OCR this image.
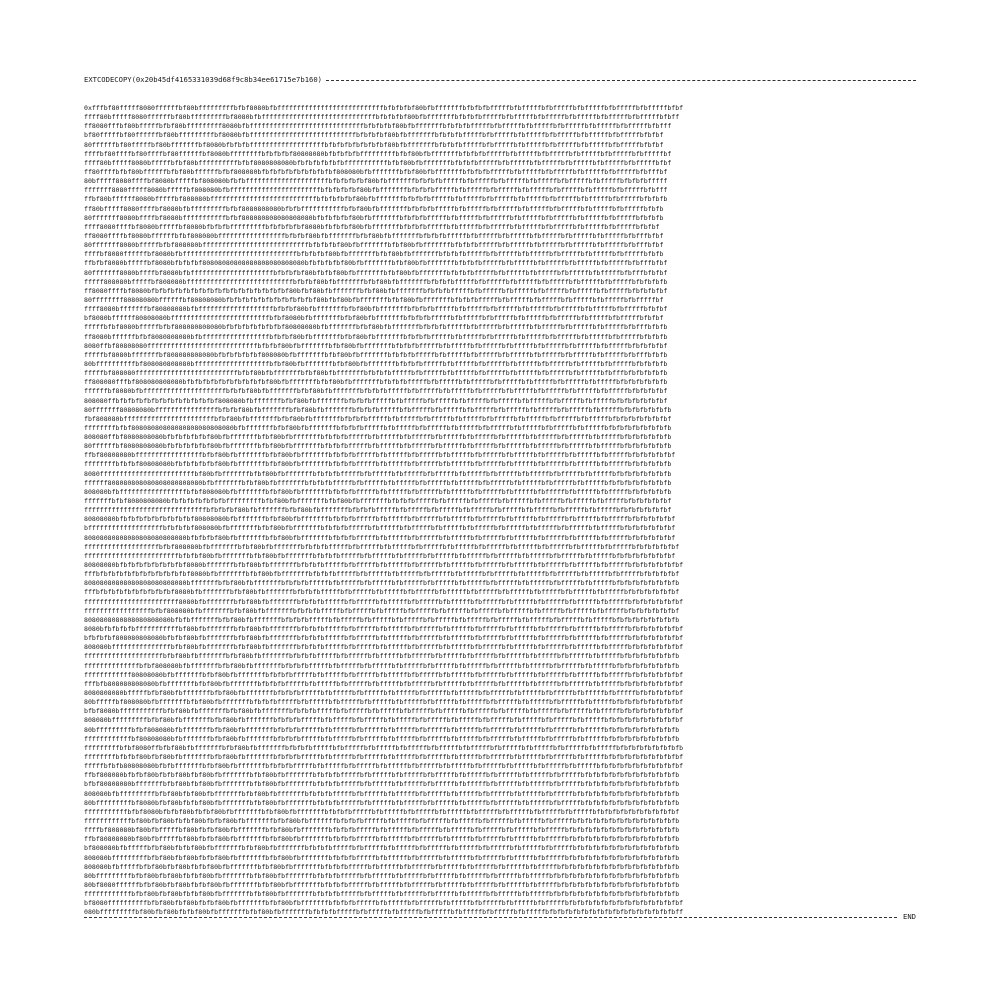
EXTCODECOPY(0x20b45df4165331039d68f9c8b34ee61715e7b160)
0xfffbf80fffff8080ffffffbf80bfffffffffbfbf8080bfbfffffffffffffffffffffffffffbfbfbfbf80bfbfffffffbfbfbfbfffffbfbfffffbfbfffffbfbfffffbfbfffffbfbfffffbfbf
ffff80bfffff8080ffffffbf80bfffffffffbf8080bfbfffffffffffffffffffffffffffffbfbfbfbf80bfbfffffffbfbfbfbfffffbfbfffffbfbfffffbfbfffffbfbfffffbfbfffffbfbff
ff8080fffbf80bfffffbfbf80bfffffffff8080bfbfffffffffffffffffffffffffffffbfbfbfbf80bfbfffffffbfbfbfbfffffbfbfffffbfbfffffbfbfffffbfbfffffbfbfffffbfbfff
bf80fffffbf80ffffffbf80bfffffffffbf8080bfbfffffffffffffffffffffffffffbfbfbfbf80bfbfffffffbfbfbfbfffffbfbfffffbfbfffffbfbfffffbfbfffffbfbfffffbfbfbf
80ffffffbf80fffffbf80bfffffffbf8080bfbfbfbfffffffffffffffffffbfbfbfbfbfbfbfbf80bfbfffffffbfbfbfbfffffbfbfffffbfbfffffbfbfffffbfbfffffbfbfffffbfbfbf
ffffbf80ffffbf80ffffbf80ffffffbf8080bffffffffbfbfbfbf80808080bfbfbfbfbfffffffffbfbf80bfbfffffffbfbfbfbfffffbfbfffffbfbfffffbfbfffffbfbfffffbfbfffffbf
ffff80bfffff8080bfffffbfbf80bffffffffffbfbf8080808080bfbfbfbfbfbfbfffffffffffbfbf80bfbfffffffbfbfbfbfffffbfbfffffbfbfffffbfbfffffbfbfffffbfbfffffbfbf
ff80ffffbfbf80bffffffbfbf80bffffffbfbf808080bfbfbfbfbfbfbfbfbfbf808080bfbfffffffbfbf80bfbfffffffbfbfbfbfffffbfbfffffbfbfffffbfbfffffbfbfffffbfbfffbf
80bfffff8080ffffbf8080bfffffbf808080bfbfbfffffffffffffffffffffbfbfbfbfbf80bfbfffffffbfbfbfbfffffbfbfffffbfbfffffbfbfffffbfbfffffbfbfffffbfbfbfbfffff
fffffff8080fffff8080bfffffbf808080bfbfffffffffffffffffffffffbfbfbfbfbf80bfbfffffffbfbfbfbfffffbfbfffffbfbfffffbfbfffffbfbfffffbfbfffffbfbfffffbfbfff
ffbf80bffffff8080bfffffbf808080bfffffffffffffffffffffffffffbfbfbfbfbf80bfbfffffffbfbfbfbfffffbfbfffffbfbfffffbfbfffffbfbfffffbfbfffffbfbfffffbfbfbfb
ff80bfffff8080ffffbf8080bfbfffffffffbfbf8080808080bfbfbfffffffffffbfbf80bfbfffffffbfbfbfbfffffbfbfffffbfbfffffbfbfffffbfbfffffbfbfffffbfbfffffbfbfb
80fffffff8080bffffbf8080bfffffffffffbfbf808080808080808080bfbfbfbfbf80bfbfffffffbfbfbfbfffffbfbfffffbfbfffffbfbfffffbfbfffffbfbfffffbfbfffffbfbfbfb
ffff8080ffffbf8080bfffffbf8080bfbfbfbfffffffffbfbfbfbfbf8080bfbfbfbf80bfbfffffffbfbfbfbfffffbfbfffffbfbfffffbfbfffffbfbfffffbfbfffffbfbfffffbfbfbf
ff8080ffffbf8080bffffffbfbf808080bfffffffffffffffffbfbfbf80bfbfffffffbfbf80bfbfffffffbfbfbfbfffffbfbfffffbfbfffffbfbfffffbfbfffffbfbfffffbfbfffbfbf
80fffffff8080bfffffbfbf808080bfffffffffffffffffffffffffffbfbfbfbf80bfbfffffffbfbf80bfbfffffffbfbfbfbfffffbfbfffffbfbfffffbfbfffffbfbfffffbfbfffbfbf
ffffbf8080ffffffbf8080bfbfffffffffffffffffffffffffffffbfbfbfbf80bfbfffffffbfbf80bfbfffffffbfbfbfbfffffbfbfffffbfbfffffbfbfffffbfbfffffbfbfffffbfbfb
ffbfbf8080bfffffbf8080bfbfbfbf80808080808080808080808080bfbfbfbfbf80bfbfffffffbfbf80bfbfffffffbfbfbfbfffffbfbfffffbfbfffffbfbfffffbfbfffffbfbfffbfbf
80fffffff8080bffffbf8080bfbfffffffffffffffffffffbfbfbfbf80bfbfbf80bfbfffffffbfbf80bfbfffffffbfbfbfbfffffbfbfffffbfbfffffbfbfffffbfbfffffbfbfffbfbfbf
fffff808080bfffffbf808080bfffffffffffffffffffffffffffbfbfbf80bfbfffffffbfbf80bfbfffffffbfbfbfbfffffbfbfffffbfbfffffbfbfffffbfbfffffbfbfffffbfbfbfbfb
ff8080ffffbf8080bfbfbfbfbfbfbfbfbfbfbfbfbfbfbfbfbfbf80bfbf80bfbfffffffbfbf80bfbfffffffbfbfbfbfffffbfbfffffbfbfffffbfbfffffbfbfffffbfbfffffbfbfbfbfbf
80ffffffff80808080bffffffbf80808080bfbfbfbfbfbfbfbfbfbfbfbf80bfbf80bfbfffffffbfbf80bfbfffffffbfbfbfbfffffbfbfffffbfbfffffbfbfffffbfbfffffbfbfffffbf
ffff8080bfffffffbf80808080bfbfffffffffffffffffffbfbfbf80bfbfffffffbfbf80bfbfffffffbfbfbfbfffffbfbfffffbfbfffffbfbfffffbfbfffffbfbfffffbfbfffffbfbfbf
bf8080bffffff80808080bfffffffffffffffffffffffffbfbf8080bfbfffffffbfbf80bfbfffffffbfbfbfbfffffbfbfffffbfbfffffbfbfffffbfbfffffbfbfffffbfbfffffbfbfbf
fffffbfbf8080bfffffbfbf808080808080bfbfbfbfbfbfbfbf80808080bfbfffffffbfbf80bfbfffffffbfbfbfbfffffbfbfffffbfbfffffbfbfffffbfbfffffbfbfffffbfbfffbfbfb
ff8080bffffffbfbf8080808080bfbfffffffffffffffffbfbfbf80bfbfffffffbfbf80bfbfffffffbfbfbfbfffffbfbfffffbfbfffffbfbfffffbfbfffffbfbfffffbfbfffffbfbfbfb
8080ffbf80808080ffffffffffffffffffffffffffffbfbfbf80bfbfffffffbfbf80bfbfffffffbfbfbfbfffffbfbfffffbfbfffffbfbfffffbfbfffffbfbfffffbfbfffffbfbfbfbfbf
fffffbf8080bfffffffbf808080808080bfbfbfbfbfbf808080bfbfffffffbfbf80bfbfffffffbfbfbfbfffffbfbfffffbfbfffffbfbfffffbfbfffffbfbfffffbfbfffffbfbfffbfbfb
80bffffffffffbf808080808080bfffffffffffffffffffbfbf80bfbfffffffbfbf80bfbfffffffbfbfbfbfffffbfbfffffbfbfffffbfbfffffbfbfffffbfbfffffbfbfffffbfbfbfbfb
fffffbf808080ffffffffffffffffffffffffffbfbf80bfbfffffffbfbf80bfbfffffffbfbfbfbfffffbfbfffffbfbfffffbfbfffffbfbfffffbfbfffffbfbfffffbfbfffbfbfbfbfbfb
ff808080fffbf808080808080bfbfbfbfbfbfbfbfbfbfbf80bfbfffffffbfbf80bfbfffffffbfbfbfbfffffbfbfffffbfbfffffbfbfffffbfbfffffbfbfffffbfbfffffbfbfbfbfbfbfb
ffffffbf8080bfbfffffffffffffffffffffbfbfbf80bfbfffffffbfbf80bfbfffffffbfbfbfbfffffbfbfffffbfbfffffbfbfffffbfbfffffbfbfffffbfbfffffbfbfffffbfbfbfbfbf
808080ffbfbfbfbfbfbfbfbfbfbfbfbfbf808080bfbfffffffbfbf80bfbfffffffbfbfbfbfffffbfbfffffbfbfffffbfbfffffbfbfffffbfbfffffbfbfffffbfbfffffbfbfbfbfbfbfbf
80fffffff80808080bffffffffffffffffbfbfbf80bfbfffffffbfbf80bfbfffffffbfbfbfbfffffbfbfffffbfbfffffbfbfffffbfbfffffbfbfffffbfbfffffbfbfffffbfbfbfbfbfbfb
fbf808080bfffffffffffffffffffffffbfbf80bfbfffffffbfbf80bfbfffffffbfbfbfbfffffbfbfffffbfbfffffbfbfffffbfbfffffbfbfffffbfbfffffbfbfffffbfbfbfbfbfbfbfbf
ffffffffbfbf80808080808080808080808080bfbfffffffbfbf80bfbfffffffbfbfbfbfffffbfbfffffbfbfffffbfbfffffbfbfffffbfbfffffbfbfffffbfbfffffbfbfbfbfbfbfbfbfb
808080ffbf8080808080bfbfbfbfbfbf80bfbfffffffbfbf80bfbfffffffbfbfbfbfffffbfbfffffbfbfffffbfbfffffbfbfffffbfbfffffbfbfffffbfbfffffbfbfffffbfbfbfbfbfbfb
80ffffffbf8080808080bfbfbfbfbfbf80bfbfffffffbfbf80bfbfffffffbfbfbfbfffffbfbfffffbfbfffffbfbfffffbfbfffffbfbfffffbfbfffffbfbfffffbfbfffffbfbfbfbfbfbfb
ffbf80808080bfffffffffffffffffbfbf80bfbfffffffbfbf80bfbfffffffbfbfbfbfffffbfbfffffbfbfffffbfbfffffbfbfffffbfbfffffbfbfffffbfbfffffbfbfffffbfbfbfbfbfbf
ffffffffbfbfbf80808080bfbfbfbfbfbf80bfbfffffffbfbf80bfbfffffffbfbfbfbfffffbfbfffffbfbfffffbfbfffffbfbfffffbfbfffffbfbfffffbfbfffffbfbfffffbfbfbfbfbfb
8080ffffffffffffffffffffffffbf80bfbfffffffbfbf80bfbfffffffbfbfbfbfffffbfbfffffbfbfffffbfbfffffbfbfffffbfbfffffbfbfffffbfbfffffbfbfffffbfbfbfbfbfbfbfb
ffffff808080808080808080808080bfbfffffffbfbf80bfbfffffffbfbfbfbfffffbfbfffffbfbfffffbfbfffffbfbfffffbfbfffffbfbfffffbfbfffffbfbfffffbfbfbfbfbfbfbfbfb
808080bfbfffffffffffffffffbfbf808080bfbfffffffbfbf80bfbfffffffbfbfbfbfffffbfbfffffbfbfffffbfbfffffbfbfffffbfbfffffbfbfffffbfbfffffbfbfffffbfbfbfbfbfb
fffffffbfbf8080808080bfbfbfbfbfbfbfbfffffffffbfbf80bfbfffffffbfbf80bfbfffffffbfbfbfbfffffbfbfffffbfbfffffbfbfffffbfbfffffbfbfffffbfbfffffbfbfbfbfbfbf
fffffffffffffffffffffffffffffffbfbfbfbf80bfbfffffffbfbf80bfbfffffffbfbfbfbfffffbfbfffffbfbfffffbfbfffffbfbfffffbfbfffffbfbfffffbfbfffffbfbfbfbfbfbfbf
80808080bfbfbfbfbfbfbfbfbfbf80808080bfbfffffffbfbf80bfbfffffffbfbfbfbfffffbfbfffffbfbfffffbfbfffffbfbfffffbfbfffffbfbfffffbfbfffffbfbfffffbfbfbfbfbfbf
bfffffffffffffffffffbfbfbfbf808080bfbfffffffbfbf80bfbfffffffbfbfbfbfffffbfbfffffbfbfffffbfbfffffbfbfffffbfbfffffbfbfffffbfbfffffbfbfffffbfbfbfbfbfbfbf
80808080808080808080808080bfbfbfbf80bfbfffffffbfbf80bfbfffffffbfbfbfbfffffbfbfffffbfbfffffbfbfffffbfbfffffbfbfffffbfbfffffbfbfffffbfbfffffbfbfbfbfbfbf
fffffffffffffffffffbfbf808080bfbfffffffbfbf80bfbfffffffbfbfbfbfffffbfbfffffbfbfffffbfbfffffbfbfffffbfbfffffbfbfffffbfbfffffbfbfffffbfbfffffbfbfbfbfbfbf
ffffffffffffffffffffffffbfbfbf80bfbfffffffbfbf80bfbfffffffbfbfbfbfffffbfbfffffbfbfffffbfbfffffbfbfffffbfbfffffbfbfffffbfbfffffbfbfffffbfbfbfbfbfbfbfbf
80808080bfbfbfbfbfbfbfbfbf8080bfffffffbfbf80bfbfffffffbfbfbfbfffffbfbfffffbfbfffffbfbfffffbfbfffffbfbfffffbfbfffffbfbfffffbfbfffffbfbfffffbfbfbfbfbfbfbf
fffbfbfbfbfbfbfbfbfbfbfbfbf8080bfbfffffffbfbf80bfbfffffffbfbfbfbfffffbfbfffffbfbfffffbfbfffffbfbfffffbfbfffffbfbfffffbfbfffffbfbfffffbfbfffffbfbfbfbfbf
80808080808080808080808080bfffffffbfbf80bfbfffffffbfbfbfbfffffbfbfffffbfbfffffbfbfffffbfbfffffbfbfffffbfbfffffbfbfffffbfbfffffbfbfffffbfbfbfbfbfbfbfbfb
fffbfbfbfbfbfbfbfbfbfbf8080bfbfffffffbfbf80bfbfffffffbfbfbfbfffffbfbfffffbfbfffffbfbfffffbfbfffffbfbfffffbfbfffffbfbfffffbfbfffffbfbfffffbfbfbfbfbfbfbf
ffffffffffffffffffffffff8080bfbfffffffbfbf80bfbfffffffbfbfbfbfffffbfbfffffbfbfffffbfbfffffbfbfffffbfbfffffbfbfffffbfbfffffbfbfffffbfbfffffbfbfbfbfbfbfbf
fffffffffffffffffbfbf808080bfbfffffffbfbf80bfbfffffffbfbfbfbfffffbfbfffffbfbfffffbfbfffffbfbfffffbfbfffffbfbfffffbfbfffffbfbfffffbfbfffffbfbfbfbfbfbfbf
8080808080808080808080bfbfbfffffffbfbf80bfbfffffffbfbfbfbfffffbfbfffffbfbfffffbfbfffffbfbfffffbfbfffffbfbfffffbfbfffffbfbfffffbfbfffffbfbfbfbfbfbfbfbfb
8080bfbfbfbfbfffffffffffbf80bfbfffffffbfbf80bfbfffffffbfbfbfbfffffbfbfffffbfbfffffbfbfffffbfbfffffbfbfffffbfbfffffbfbfffffbfbfffffbfbfffffbfbfbfbfbfbfbf
bfbfbfbf808080808080bfbfbf80bfbfffffffbfbf80bfbfffffffbfbfbfbfffffbfbfffffbfbfffffbfbfffffbfbfffffbfbfffffbfbfffffbfbfffffbfbfffffbfbfffffbfbfbfbfbfbfbf
808080bfffffffffffffffbfbf80bfbfffffffbfbf80bfbfffffffbfbfbfbfffffbfbfffffbfbfffffbfbfffffbfbfffffbfbfffffbfbfffffbfbfffffbfbfffffbfbfffffbfbfbfbfbfbfbf
ffffffffffffffffffffbfbf80bfbfffffffbfbf80bfbfffffffbfbfbfbfffffbfbfffffbfbfffffbfbfffffbfbfffffbfbfffffbfbfffffbfbfffffbfbfffffbfbfffffbfbfbfbfbfbfbfb
ffffffffffffffbfbf808080bfbfffffffbfbf80bfbfffffffbfbfbfbfffffbfbfffffbfbfffffbfbfffffbfbfffffbfbfffffbfbfffffbfbfffffbfbfffffbfbfffffbfbfbfbfbfbfbfbfb
ffffffffffff80808080bfbfffffffbfbf80bfbfffffffbfbfbfbfffffbfbfffffbfbfffffbfbfffffbfbfffffbfbfffffbfbfffffbfbfffffbfbfffffbfbfffffbfbfffffbfbfbfbfbfbfbf
fffbfb808080808080bfbfffffffbfbf80bfbfffffffbfbfbfbfffffbfbfffffbfbfffffbfbfffffbfbfffffbfbfffffbfbfffffbfbfffffbfbfffffbfbfffffbfbfffffbfbfbfbfbfbfbfbf
8080808080bfffffbfbf80bfbfffffffbfbf80bfbfffffffbfbfbfbfffffbfbfffffbfbfffffbfbfffffbfbfffffbfbfffffbfbfffffbfbfffffbfbfffffbfbfffffbfbfffffbfbfbfbfbfbf
80bfffffbf808080bfbfffffffbfbf80bfbfffffffbfbfbfbfffffbfbfffffbfbfffffbfbfffffbfbfffffbfbfffffbfbfffffbfbfffffbfbfffffbfbfffffbfbfffffbfbfbfbfbfbfbfbfbf
bfbf8080bfffffffffffbfbf80bfbfffffffbfbf80bfbfffffffbfbfbfbfffffbfbfffffbfbfffffbfbfffffbfbfffffbfbfffffbfbfffffbfbfffffbfbfffffbfbfffffbfbfbfbfbfbfbfbf
808080bfffffffffbfbf80bfbfffffffbfbf80bfbfffffffbfbfbfbfffffbfbfffffbfbfffffbfbfffffbfbfffffbfbfffffbfbfffffbfbfffffbfbfffffbfbfffffbfbfbfbfbfbfbfbfbfbf
80bfffffffffbfbf808080bfbfffffffbfbf80bfbfffffffbfbfbfbfffffbfbfffffbfbfffffbfbfffffbfbfffffbfbfffffbfbfffffbfbfffffbfbfffffbfbfffffbfbfbfbfbfbfbfbfbfb
ffffffffffffbf80808080bfbfffffffbfbf80bfbfffffffbfbfbfbfffffbfbfffffbfbfffffbfbfffffbfbfffffbfbfffffbfbfffffbfbfffffbfbfffffbfbfffffbfbfbfbfbfbfbfbfbfb
fffffffffbfbf8080ffbfbf80bfbfffffffbfbf80bfbfffffffbfbfbfbfffffbfbfffffbfbfffffbfbfffffbfbfffffbfbfffffbfbfffffbfbfffffbfbfffffbfbfffffbfbfbfbfbfbfbfbfb
ffffffffbfbfbf80bfbf80bfbfffffffbfbf80bfbfffffffbfbfbfbfffffbfbfffffbfbfffffbfbfffffbfbfffffbfbfffffbfbfffffbfbfffffbfbfffffbfbfffffbfbfbfbfbfbfbfbfbfbf
fffffbfbfb80808080bfbfbfffffffbfbf80bfbfffffffbfbfbfbfffffbfbfffffbfbfffffbfbfffffbfbfffffbfbfffffbfbfffffbfbfffffbfbfffffbfbfffffbfbfbfbfbfbfbfbfbfbfbf
ffbf808080bfbfbf80bfbfbf80bfbf80bfbfffffffbfbf80bfbfffffffbfbfbfbfffffbfbfffffbfbfffffbfbfffffbfbfffffbfbfffffbfbfffffbfbfffffbfbfbfbfbfbfbfbfbfbfbfbfb
bfbf80808080bfffffffbfbf80bfbf80bfbfffffffbfbf80bfbfffffffbfbfbfbfffffbfbfffffbfbfffffbfbfffffbfbfffffbfbfffffbfbfffffbfbfffffbfbfbfbfbfbfbfbfbfbfbfbfb
808080bfbfffffffffbfbf80bfbf80bfbfffffffbfbf80bfbfffffffbfbfbfbfffffbfbfffffbfbfffffbfbfffffbfbfffffbfbfffffbfbfffffbfbfffffbfbfbfbfbfbfbfbfbfbfbfbfbfb
80bfffffffffbf8080bfbf80bfbfbf80bfbfffffffbfbf80bfbfffffffbfbfbfbfffffbfbfffffbfbfffffbfbfffffbfbfffffbfbfffffbfbfffffbfbfffffbfbfbfbfbfbfbfbfbfbfbfbfb
fffffffffffbfbf8080bfbfbf80bfbfbf80bfbfffffffbfbf80bfbfffffffbfbfbfbfffffbfbfffffbfbfffffbfbfffffbfbfffffbfbfffffbfbfffffbfbfffffbfbfbfbfbfbfbfbfbfbfbf
ffffffffffffbf80bfbf80bfbfbf80bfbfbf80bfbfffffffbfbf80bfbfffffffbfbfbfbfffffbfbfffffbfbfffffbfbfffffbfbfffffbfbfffffbfbfffffbfbfbfbfbfbfbfbfbfbfbfbfbfb
ffffbf808080bf80bfbfffffbf80bfbfbf80bfbfffffffbfbf80bfbfffffffbfbfbfbfffffbfbfffffbfbfffffbfbfffffbfbfffffbfbfffffbfbfffffbfbfbfbfbfbfbfbfbfbfbfbfbfbfb
ffbf80808080bf80bfbfffffbf80bfbfbf80bfbfffffffbfbf80bfbfffffffbfbfbfbfffffbfbfffffbfbfffffbfbfffffbfbfffffbfbfffffbfbfffffbfbfbfbfbfbfbfbfbfbfbfbfbfbfb
bf808080bfbfffffbfbf80bfbfbf80bfbfffffffbfbf80bfbfffffffbfbfbfbfffffbfbfffffbfbfffffbfbfffffbfbfffffbfbfffffbfbfffffbfbfffffbfbfbfbfbfbfbfbfbfbfbfbfbfb
808080bfffffffffbfbf80bfbf80bfbfbf80bfbfffffffbfbf80bfbfffffffbfbfbfbfffffbfbfffffbfbfffffbfbfffffbfbfffffbfbfffffbfbfffffbfbfbfbfbfbfbfbfbfbfbfbfbfbfb
808080bfbfffffbfbf80bfbf80bfbfbf80bfbfffffffbfbf80bfbfffffffbfbfbfbfffffbfbfffffbfbfffffbfbfffffbfbfffffbfbfffffbfbfffffbfbfbfbfbfbfbfbfbfbfbfbfbfbfbfb
80bfffffffffbfbf80bfbf80bfbfbf80bfbfffffffbfbf80bfbfffffffbfbfbfbfffffbfbfffffbfbfffffbfbfffffbfbfffffbfbfffffbfbfffffbfbfbfbfbfbfbfbfbfbfbfbfbfbfbfbfb
80bf8080ffffffbfbf80bfbf80bfbfbf80bfbfffffffbfbf80bfbfffffffbfbfbfbfffffbfbfffffbfbfffffbfbfffffbfbfffffbfbfffffbfbfffffbfbfbfbfbfbfbfbfbfbfbfbfbfbfbfb
ffffffffffffbfbf80bfbf80bfbfbf80bfbfffffffbfbf80bfbfffffffbfbfbfbfffffbfbfffffbfbfffffbfbfffffbfbfffffbfbfffffbfbfffffbfbfbfbfbfbfbfbfbfbfbfbfbfbfbfbfb
bf8080ffffffffffbfbf80bfbf80bfbfbf80bfbfffffffbfbf80bfbfffffffbfbfbfbfffffbfbfffffbfbfffffbfbfffffbfbfffffbfbfffffbfbfffffbfbfbfbfbfbfbfbfbfbfbfbfbfbfbf
080bfffffffffbf80bfbf80bfbfbf80bfbfffffffbfbf80bfbfffffffbfbfbfbfffffbfbfffffbfbfffffbfbfffffbfbfffffbfbfffffbfbfffffbfbfbfbfbfbfbfbfbfbfbfbfbfbfbfbfbff	END
